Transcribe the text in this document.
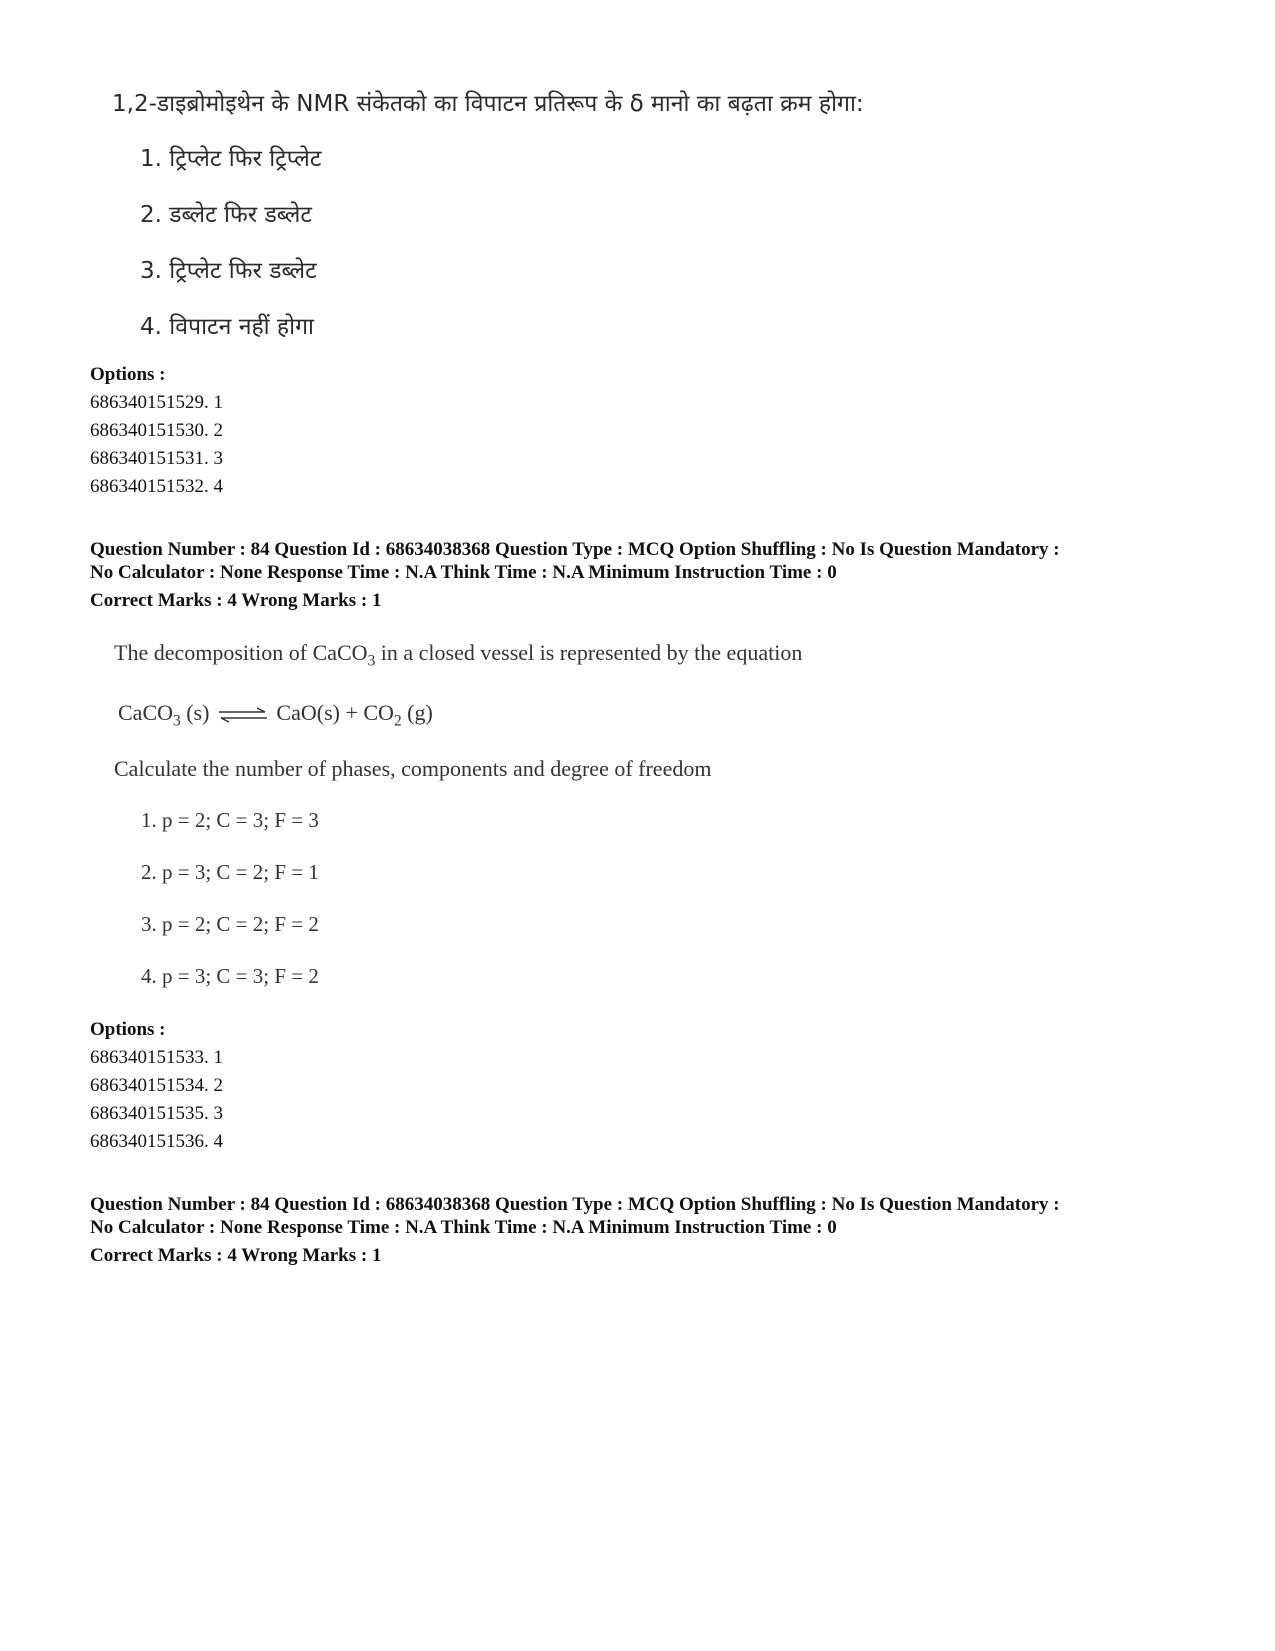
1,2-डाइब्रोमोइथेन के NMR संकेतको का विपाटन प्रतिरूप के δ मानो का बढ़ता क्रम होगा:
1. ट्रिप्लेट फिर ट्रिप्लेट
2. डब्लेट फिर डब्लेट
3. ट्रिप्लेट फिर डब्लेट
4. विपाटन नहीं होगा
Options :
686340151529. 1
686340151530. 2
686340151531. 3
686340151532. 4
Question Number : 84 Question Id : 68634038368 Question Type : MCQ Option Shuffling : No Is Question Mandatory :
No Calculator : None Response Time : N.A Think Time : N.A Minimum Instruction Time : 0
Correct Marks : 4 Wrong Marks : 1
The decomposition of CaCO$_3$ in a closed vessel is represented by the equation
CaCO$_3$ (s) ⇌ $CaO(s) + CO_2$ (g)
Calculate the number of phases, components and degree of freedom
1. p = 2; C = 3; F = 3
2. p = 3; C = 2; F = 1
3. p = 2; C = 2; F = 2
4. p = 3; C = 3; F = 2
Options :
686340151533. 1
686340151534. 2
686340151535. 3
686340151536. 4
Question Number : 84 Question Id : 68634038368 Question Type : MCQ Option Shuffling : No Is Question Mandatory :
No Calculator : None Response Time : N.A Think Time : N.A Minimum Instruction Time : 0
Correct Marks : 4 Wrong Marks : 1
